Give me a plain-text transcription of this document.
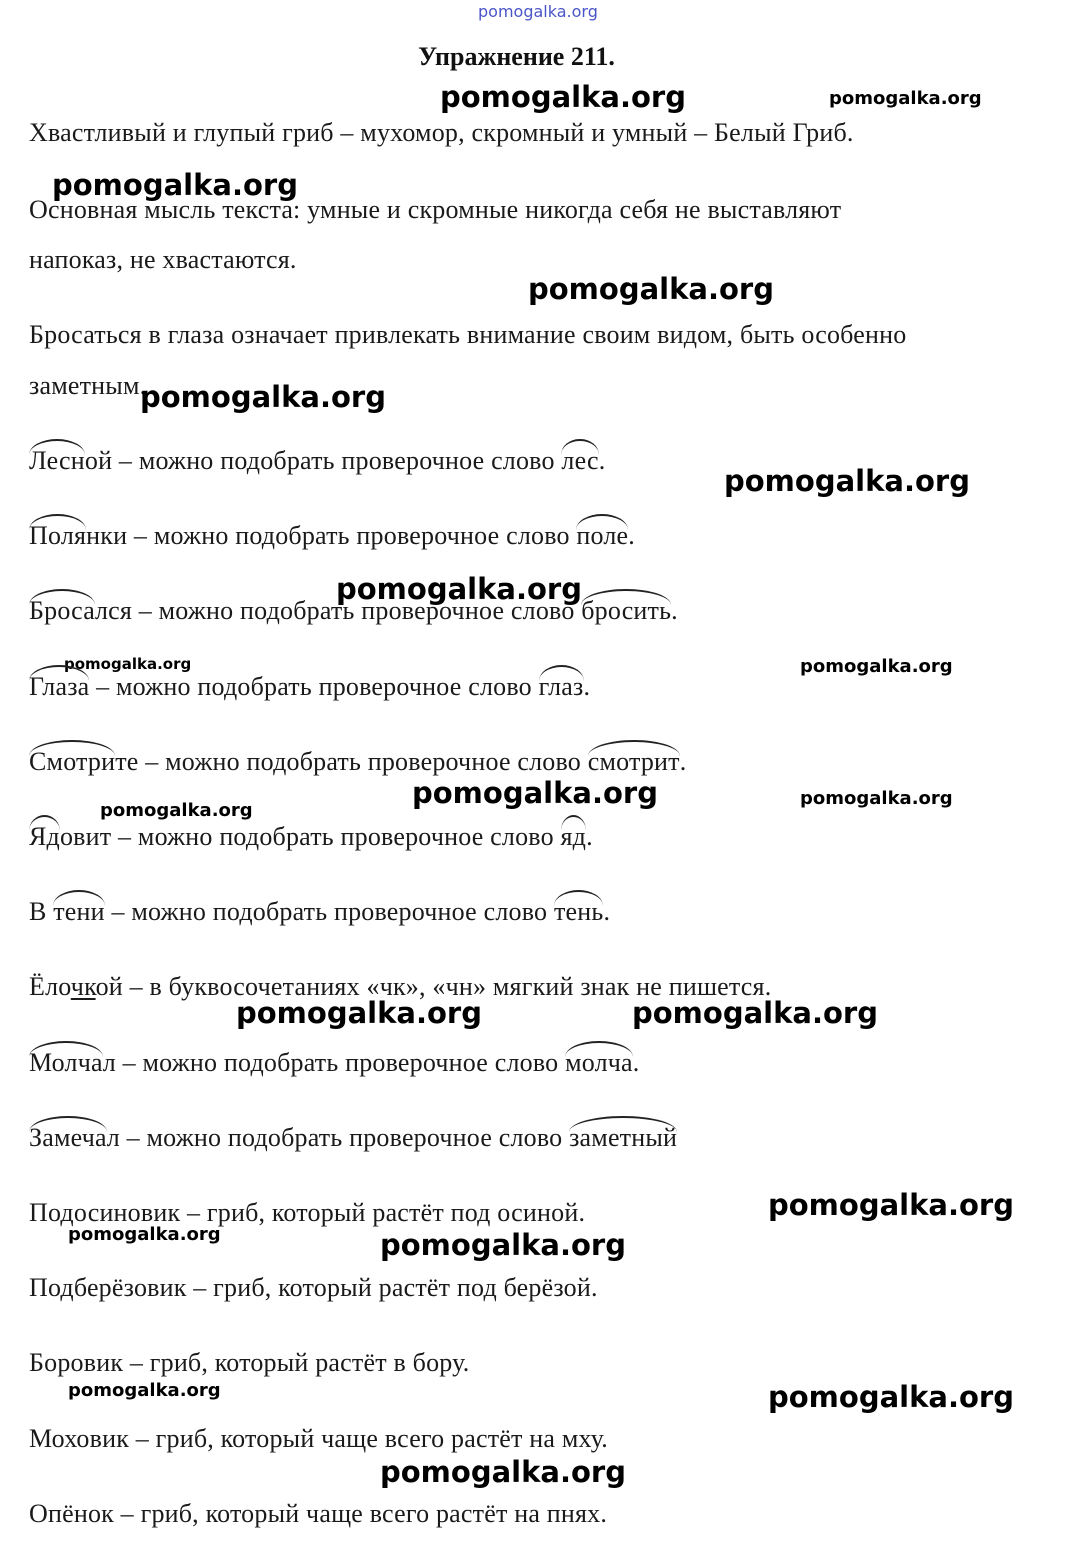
pomogalka.org
Упражнение 211.
pomogalka.org	pomogalka.org
Хвастливый и глупый гриб – мухомор, скромный и умный – Белый Гриб.
pomogalka.org
Основная мысль текста: умные и скромные никогда себя не выставляют
напоказ, не хвастаются.
pomogalka.org
Бросаться в глаза означает привлекать внимание своим видом, быть особенно
заметным.
pomogalka.org
Лесной – можно подобрать проверочное слово лес.
pomogalka.org
Полянки – можно подобрать проверочное слово поле.
pomogalka.org
Бросался – можно подобрать проверочное слово бросить.
pomogalka.org	pomogalka.org
Глаза – можно подобрать проверочное слово глаз.
Смотрите – можно подобрать проверочное слово смотрит.
pomogalka.org
pomogalka.org
pomogalka.org
Ядовит – можно подобрать проверочное слово яд.
В тени – можно подобрать проверочное слово тень.
Ёлочкой – в буквосочетаниях «чк», «чн» мягкий знак не пишется.
pomogalka.org	pomogalka.org
Молчал – можно подобрать проверочное слово молча.
Замечал – можно подобрать проверочное слово заметный
pomogalka.org
Подосиновик – гриб, который растёт под осиной.
pomogalka.org	pomogalka.org
Подберёзовик – гриб, который растёт под берёзой.
Боровик – гриб, который растёт в бору.
pomogalka.org	pomogalka.org
Моховик – гриб, который чаще всего растёт на мху.
pomogalka.org
Опёнок – гриб, который чаще всего растёт на пнях.
